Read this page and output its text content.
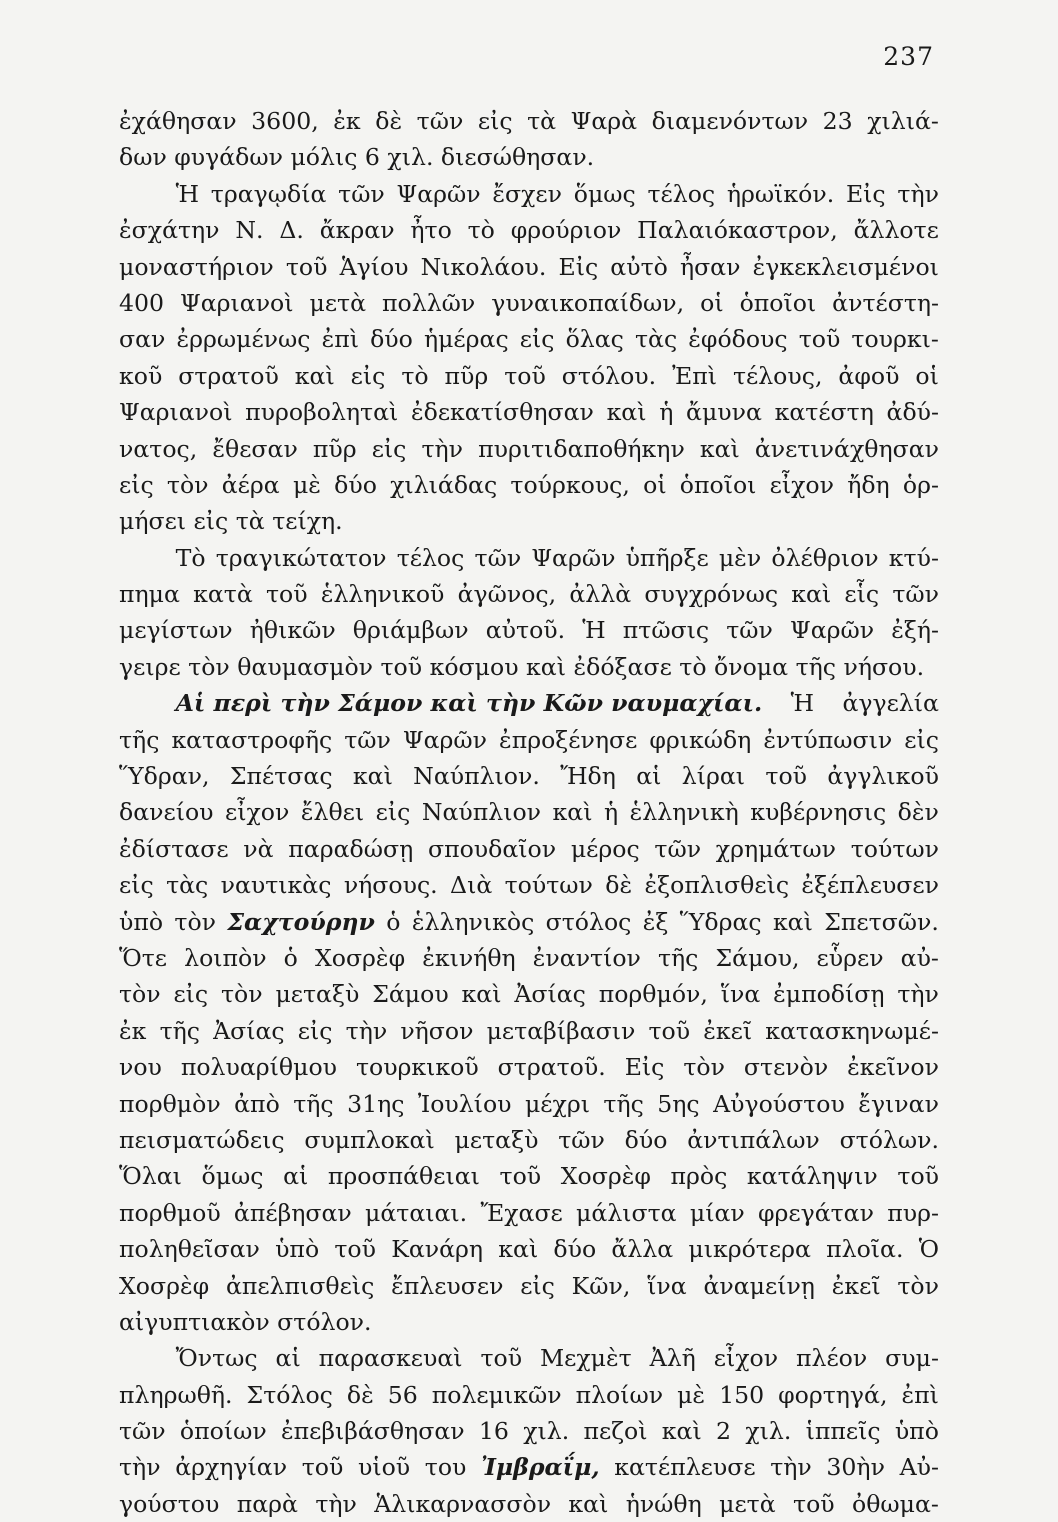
237
ἐχάθησαν 3600, ἐκ δὲ τῶν εἰς τὰ Ψαρὰ διαμενόντων 23 χιλιά-
δων φυγάδων μόλις 6 χιλ. διεσώθησαν.
Ἡ τραγῳδία τῶν Ψαρῶν ἔσχεν ὅμως τέλος ἡρωϊκόν. Εἰς τὴν
ἐσχάτην Ν. Δ. ἄκραν ἦτο τὸ φρούριον Παλαιόκαστρον, ἄλλοτε
μοναστήριον τοῦ Ἁγίου Νικολάου. Εἰς αὐτὸ ἦσαν ἐγκεκλεισμένοι
400 Ψαριανοὶ μετὰ πολλῶν γυναικοπαίδων, οἱ ὁποῖοι ἀντέστη-
σαν ἐρρωμένως ἐπὶ δύο ἡμέρας εἰς ὅλας τὰς ἐφόδους τοῦ τουρκι-
κοῦ στρατοῦ καὶ εἰς τὸ πῦρ τοῦ στόλου. Ἐπὶ τέλους, ἀφοῦ οἱ
Ψαριανοὶ πυροβοληταὶ ἐδεκατίσθησαν καὶ ἡ ἄμυνα κατέστη ἀδύ-
νατος, ἔθεσαν πῦρ εἰς τὴν πυριτιδαποθήκην καὶ ἀνετινάχθησαν
εἰς τὸν ἀέρα μὲ δύο χιλιάδας τούρκους, οἱ ὁποῖοι εἶχον ἤδη ὁρ-
μήσει εἰς τὰ τείχη.
Τὸ τραγικώτατον τέλος τῶν Ψαρῶν ὑπῆρξε μὲν ὀλέθριον κτύ-
πημα κατὰ τοῦ ἑλληνικοῦ ἀγῶνος, ἀλλὰ συγχρόνως καὶ εἷς τῶν
μεγίστων ἠθικῶν θριάμβων αὐτοῦ. Ἡ πτῶσις τῶν Ψαρῶν ἐξή-
γειρε τὸν θαυμασμὸν τοῦ κόσμου καὶ ἐδόξασε τὸ ὄνομα τῆς νήσου.
Αἱ περὶ τὴν Σάμον καὶ τὴν Κῶν ναυμαχίαι. Ἡ ἀγγελία
τῆς καταστροφῆς τῶν Ψαρῶν ἐπροξένησε φρικώδη ἐντύπωσιν εἰς
Ὕδραν, Σπέτσας καὶ Ναύπλιον. Ἤδη αἱ λίραι τοῦ ἀγγλικοῦ
δανείου εἶχον ἔλθει εἰς Ναύπλιον καὶ ἡ ἑλληνικὴ κυβέρνησις δὲν
ἐδίστασε νὰ παραδώσῃ σπουδαῖον μέρος τῶν χρημάτων τούτων
εἰς τὰς ναυτικὰς νήσους. Διὰ τούτων δὲ ἐξοπλισθεὶς ἐξέπλευσεν
ὑπὸ τὸν Σαχτούρην ὁ ἑλληνικὸς στόλος ἐξ Ὕδρας καὶ Σπετσῶν.
Ὅτε λοιπὸν ὁ Χοσρὲφ ἐκινήθη ἐναντίον τῆς Σάμου, εὗρεν αὐ-
τὸν εἰς τὸν μεταξὺ Σάμου καὶ Ἀσίας πορθμόν, ἵνα ἐμποδίσῃ τὴν
ἐκ τῆς Ἀσίας εἰς τὴν νῆσον μεταβίβασιν τοῦ ἐκεῖ κατασκηνωμέ-
νου πολυαρίθμου τουρκικοῦ στρατοῦ. Εἰς τὸν στενὸν ἐκεῖνον
πορθμὸν ἀπὸ τῆς 31ης Ἰουλίου μέχρι τῆς 5ης Αὐγούστου ἔγιναν
πεισματώδεις συμπλοκαὶ μεταξὺ τῶν δύο ἀντιπάλων στόλων.
Ὅλαι ὅμως αἱ προσπάθειαι τοῦ Χοσρὲφ πρὸς κατάληψιν τοῦ
πορθμοῦ ἀπέβησαν μάταιαι. Ἔχασε μάλιστα μίαν φρεγάταν πυρ-
ποληθεῖσαν ὑπὸ τοῦ Κανάρη καὶ δύο ἄλλα μικρότερα πλοῖα. Ὁ
Χοσρὲφ ἀπελπισθεὶς ἔπλευσεν εἰς Κῶν, ἵνα ἀναμείνῃ ἐκεῖ τὸν
αἰγυπτιακὸν στόλον.
Ὄντως αἱ παρασκευαὶ τοῦ Μεχμὲτ Ἀλῆ εἶχον πλέον συμ-
πληρωθῆ. Στόλος δὲ 56 πολεμικῶν πλοίων μὲ 150 φορτηγά, ἐπὶ
τῶν ὁποίων ἐπεβιβάσθησαν 16 χιλ. πεζοὶ καὶ 2 χιλ. ἱππεῖς ὑπὸ
τὴν ἀρχηγίαν τοῦ υἱοῦ του Ἰμβραΐμ, κατέπλευσε τὴν 30ὴν Αὐ-
γούστου παρὰ τὴν Ἁλικαρνασσὸν καὶ ἡνώθη μετὰ τοῦ ὀθωμα-
